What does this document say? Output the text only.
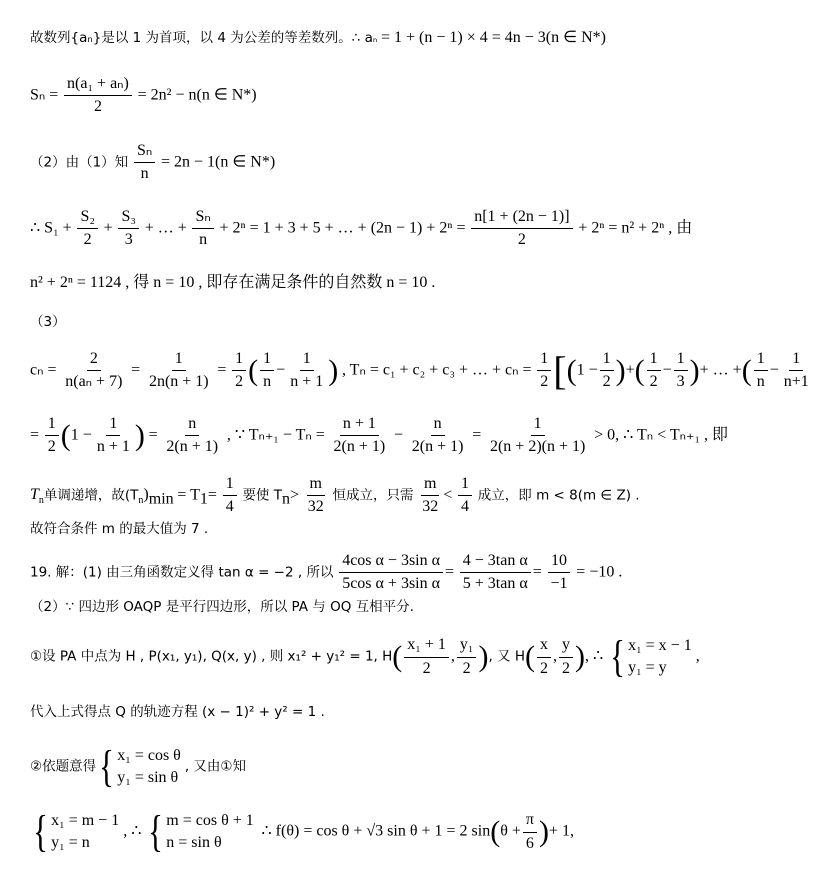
故数列{aₙ}是以 1 为首项，以 4 为公差的等差数列。∴ aₙ = 1 + (n − 1) × 4 = 4n − 3(n ∈ N*)
$S_n = \frac{\text{n(a₁ + aₙ)}}{2} = 2n^2 - n(n$ ∈ N*)
（2）由（1）知 $\frac{\text{Sₙ}}{n} = 2n - 1(n$ ∈ N*)
∴ $S_1 + \frac{\text{S₂}}{2} + \frac{\text{S₃}}{3}$ + … + $\frac{\text{Sₙ}}{n} + 2^n = 1 + 3 + 5$ + … + $(2n - 1) + 2^n = \frac{n[1 + (2n - 1)]}{2} + 2^n = n^2 + 2^n$ , 由
n² + 2ⁿ = 1124 , 得 n = 10 , 即存在满足条件的自然数 n = 10 .
（3）
$c_n = \frac{2}{\text{n(aₙ + 7)}} = \frac{1}{2n(n + 1)} = \frac{1}{2}$ ( $\frac{1}{n} - \frac{1}{n + 1}$ ) , Tₙ = c₁ + c₂ + c₃ + … + $c_n = \frac{1}{2} [(1 - \frac{1}{2}$ )+( $\frac{1}{2} - \frac{1}{3}$ )+ … +( $\frac{1}{n} - \frac{1}{n+1}$
= $\frac{1}{2} (1 - \frac{1}{n + 1}$ ) = $\frac{n}{2(n + 1)}$ , ∵ $T_{n+1} - T_n = \frac{n + 1}{2(n + 1)} - \frac{n}{2(n + 1)} = \frac{1}{2(n + 2)(n + 1)} > 0$, ∴ Tₙ < Tₙ₊₁ , 即
$T_n$单调递增，故$(T_n)_{min} = T_1= \frac{1}{4}$ 要使 $T_n> \frac{m}{32}$ 恒成立，只需 $\frac{m}{32} < \frac{1}{4}$ 成立，即 m < 8(m ∈ Z) .
故符合条件 m 的最大值为 7 .
19. 解：(1) 由三角函数定义得 tan α = −2 , 所以 $\frac{\text{4cos α − 3sin α}}{\text{5cos α + 3sin α}} = \frac{\text{4 − 3tan α}}{\text{5 + 3tan α}} = \frac{10}{-1} = -10$ .
（2）∵ 四边形 OAQP 是平行四边形，所以 PA 与 OQ 互相平分.
①设 PA 中点为 H , P(x₁, y₁), Q(x, y) , 则 x₁² + y₁² = 1, $H( \frac{\text{x₁ + 1}}{2}$ , $\frac{\text{y₁}}{2}$ ), 又 $H( \frac{x}{2}$ , $\frac{y}{2}$ ), ∴ { x₁ = x − 1
y₁ = y
,
代入上式得点 Q 的轨迹方程 (x − 1)² + y² = 1 .
②依题意得{ x₁ = cos θ
y₁ = sin θ
, 又由①知
{ x₁ = m − 1
y₁ = n
, ∴ { m = cos θ + 1
n = sin θ
∴ f(θ) = cos θ + √3 sin θ + 1 = 2 $\sin(\theta + \frac{\pi}{6}$ )+ 1,
